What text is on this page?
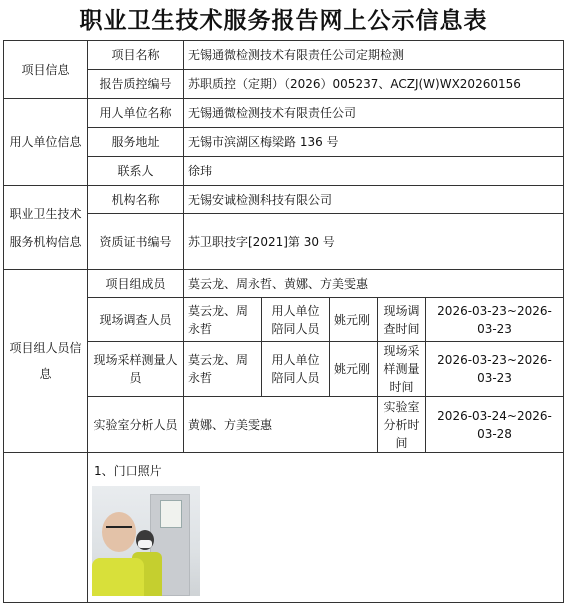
职业卫生技术服务报告网上公示信息表
项目信息	项目名称	无锡通微检测技术有限责任公司定期检测				
	报告质控编号	苏职质控（定期）（2026）005237、ACZJ(W)WX20260156				
用人单位信息	用人单位名称	无锡通微检测技术有限责任公司				
	服务地址	无锡市滨湖区梅梁路 136 号				
	联系人	徐玮				
职业卫生技术服务机构信息	机构名称	无锡安诚检测科技有限公司				
	资质证书编号	苏卫职技字[2021]第 30 号				
项目组人员信息	项目组成员	莫云龙、周永哲、黄娜、方美雯惠				
	现场调查人员	莫云龙、周永哲	用人单位陪同人员	姚元刚	现场调查时间	2026-03-23~2026-03-23
	现场采样测量人员	莫云龙、周永哲	用人单位陪同人员	姚元刚	现场采样测量时间	2026-03-23~2026-03-23
	实验室分析人员	黄娜、方美雯惠			实验室分析时间	2026-03-24~2026-03-28

	1、门口照片					
